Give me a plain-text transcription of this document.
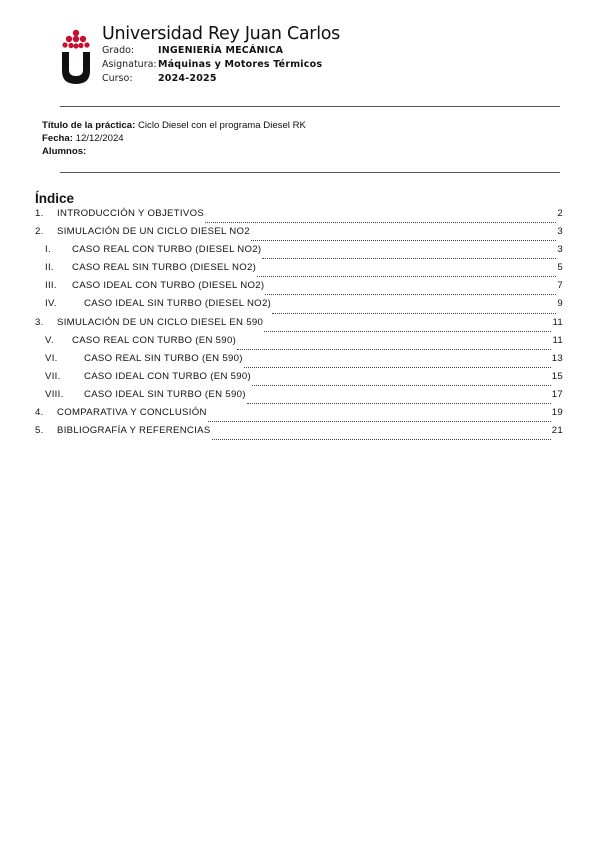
Universidad Rey Juan Carlos
Grado:	INGENIERÍA MECÁNICA
Asignatura:Máquinas y Motores Térmicos
Curso:	2024-2025
Título de la práctica: Ciclo Diesel con el programa Diesel RK
Fecha: 12/12/2024
Alumnos:
Índice
1.	INTRODUCCIÓN Y OBJETIVOS	2
2.	SIMULACIÓN DE UN CICLO DIESEL NO2	3
I.	CASO REAL CON TURBO (DIESEL NO2)	3
II.	CASO REAL SIN TURBO (DIESEL NO2)	5
III.	CASO IDEAL CON TURBO (DIESEL NO2)	7
IV.	CASO IDEAL SIN TURBO (DIESEL NO2)	9
3.	SIMULACIÓN DE UN CICLO DIESEL EN 590	11
V.	CASO REAL CON TURBO (EN 590)	11
VI.	CASO REAL SIN TURBO (EN 590)	13
VII.	CASO IDEAL CON TURBO (EN 590)	15
VIII.	CASO IDEAL SIN TURBO (EN 590)	17
4.	COMPARATIVA Y CONCLUSIÓN	19
5.	BIBLIOGRAFÍA Y REFERENCIAS	21
